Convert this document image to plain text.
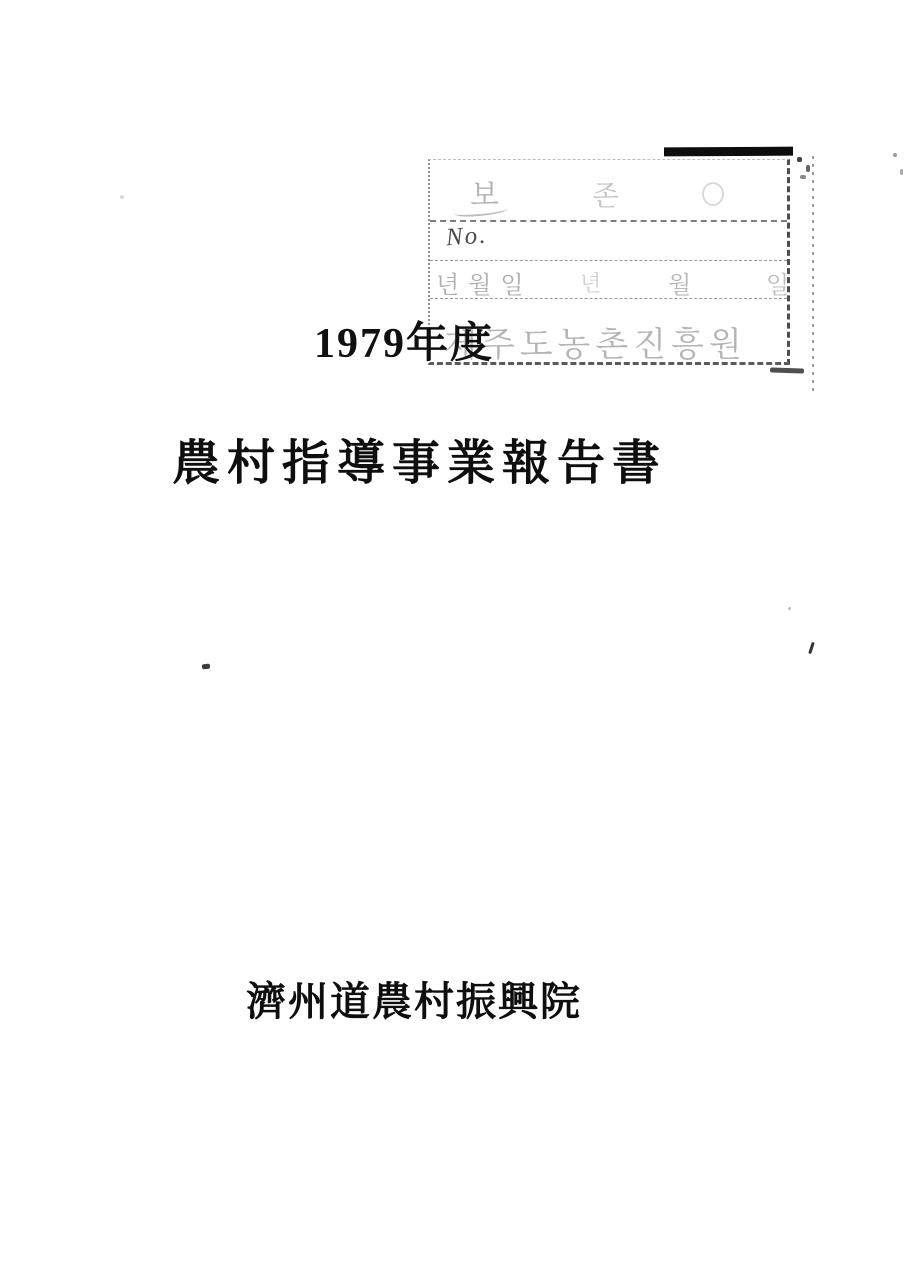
보	존
No.
년월일 년	월	일
제주도농촌진흥원
1979年度
農村指導事業報告書
濟州道農村振興院
